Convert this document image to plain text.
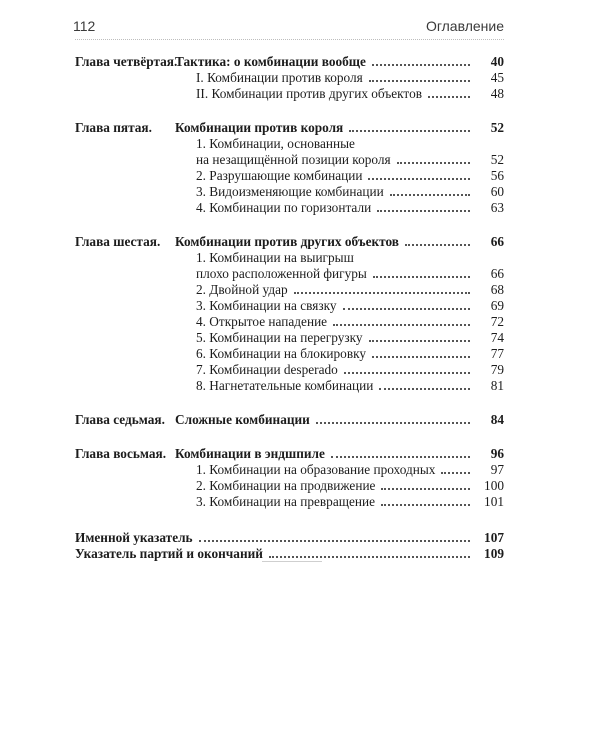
112	Оглавление
Глава четвёртая.
Тактика: о комбинации вообще	40
I. Комбинации против короля	45
II. Комбинации против других объектов	48
Глава пятая. Комбинации против короля	52
1. Комбинации, основанные
на незащищённой позиции короля	52
2. Разрушающие комбинации	56
3. Видоизменяющие комбинации	60
4. Комбинации по горизонтали	63
Глава шестая. Комбинации против других объектов	66
1. Комбинации на выигрыш
плохо расположенной фигуры	66
2. Двойной удар	68
3. Комбинации на связку	69
4. Открытое нападение	72
5. Комбинации на перегрузку	74
6. Комбинации на блокировку	77
7. Комбинации desperado	79
8. Нагнетательные комбинации	81
Глава седьмая. Сложные комбинации	84
Глава восьмая. Комбинации в эндшпиле	96
1. Комбинации на образование проходных	97
2. Комбинации на продвижение	100
3. Комбинации на превращение	101
Именной указатель	107
Указатель партий и окончаний	109
